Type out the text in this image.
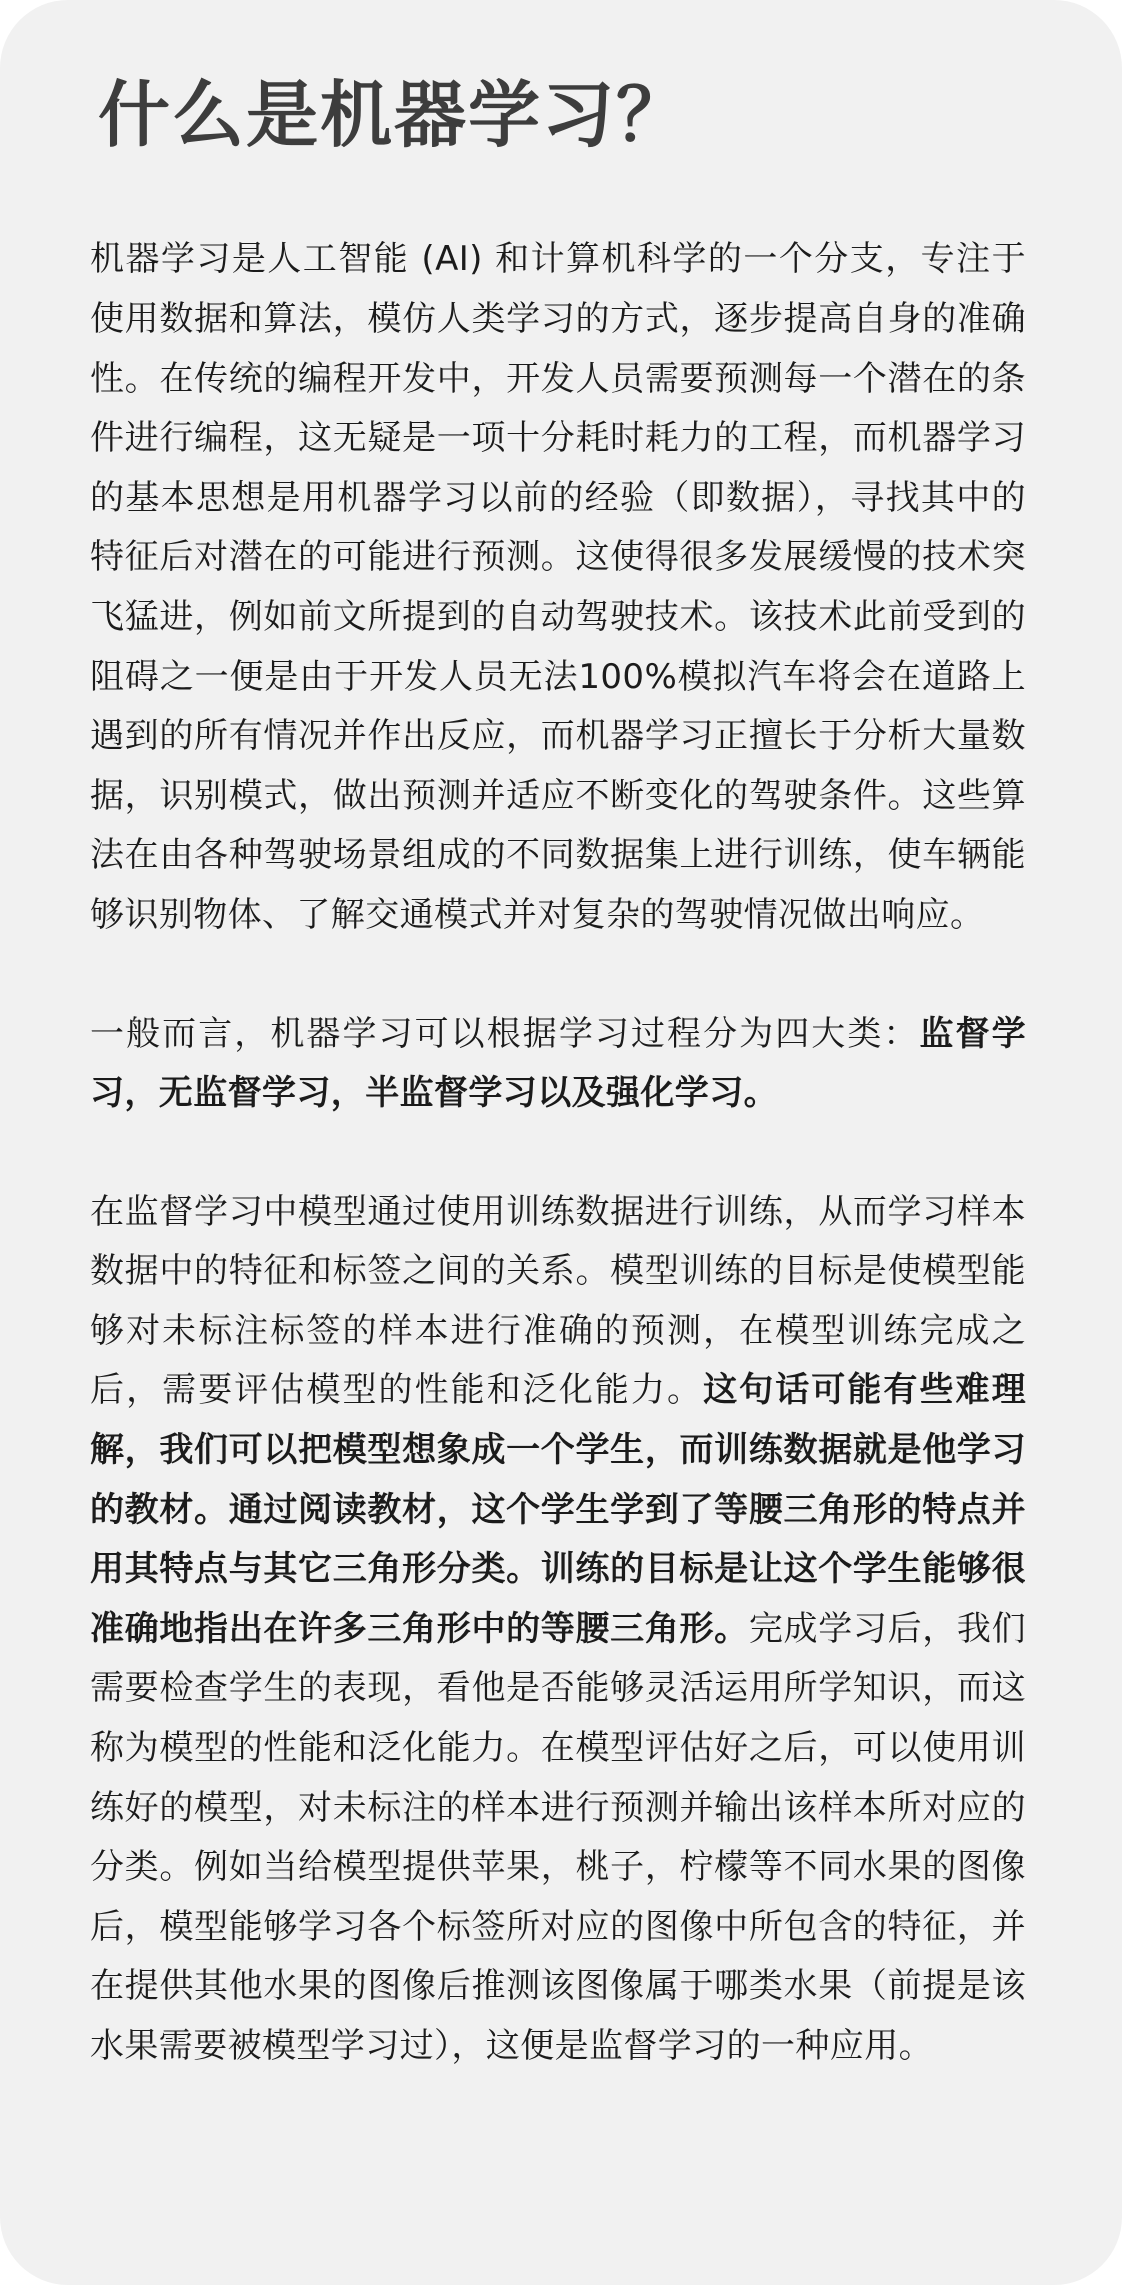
什么是机器学习？

机器学习是人工智能 (AI) 和计算机科学的一个分支，专注于使用数据和算法，模仿人类学习的方式，逐步提高自身的准确性。在传统的编程开发中，开发人员需要预测每一个潜在的条件进行编程，这无疑是一项十分耗时耗力的工程，而机器学习的基本思想是用机器学习以前的经验（即数据），寻找其中的特征后对潜在的可能进行预测。这使得很多发展缓慢的技术突飞猛进，例如前文所提到的自动驾驶技术。该技术此前受到的阻碍之一便是由于开发人员无法100%模拟汽车将会在道路上遇到的所有情况并作出反应，而机器学习正擅长于分析大量数据，识别模式，做出预测并适应不断变化的驾驶条件。这些算法在由各种驾驶场景组成的不同数据集上进行训练，使车辆能够识别物体、了解交通模式并对复杂的驾驶情况做出响应。

一般而言，机器学习可以根据学习过程分为四大类：监督学习，无监督学习，半监督学习以及强化学习。

在监督学习中模型通过使用训练数据进行训练，从而学习样本数据中的特征和标签之间的关系。模型训练的目标是使模型能够对未标注标签的样本进行准确的预测，在模型训练完成之后，需要评估模型的性能和泛化能力。这句话可能有些难理解，我们可以把模型想象成一个学生，而训练数据就是他学习的教材。通过阅读教材，这个学生学到了等腰三角形的特点并用其特点与其它三角形分类。训练的目标是让这个学生能够很准确地指出在许多三角形中的等腰三角形。完成学习后，我们需要检查学生的表现，看他是否能够灵活运用所学知识，而这称为模型的性能和泛化能力。在模型评估好之后，可以使用训练好的模型，对未标注的样本进行预测并输出该样本所对应的分类。例如当给模型提供苹果，桃子，柠檬等不同水果的图像后，模型能够学习各个标签所对应的图像中所包含的特征，并在提供其他水果的图像后推测该图像属于哪类水果（前提是该水果需要被模型学习过），这便是监督学习的一种应用。
